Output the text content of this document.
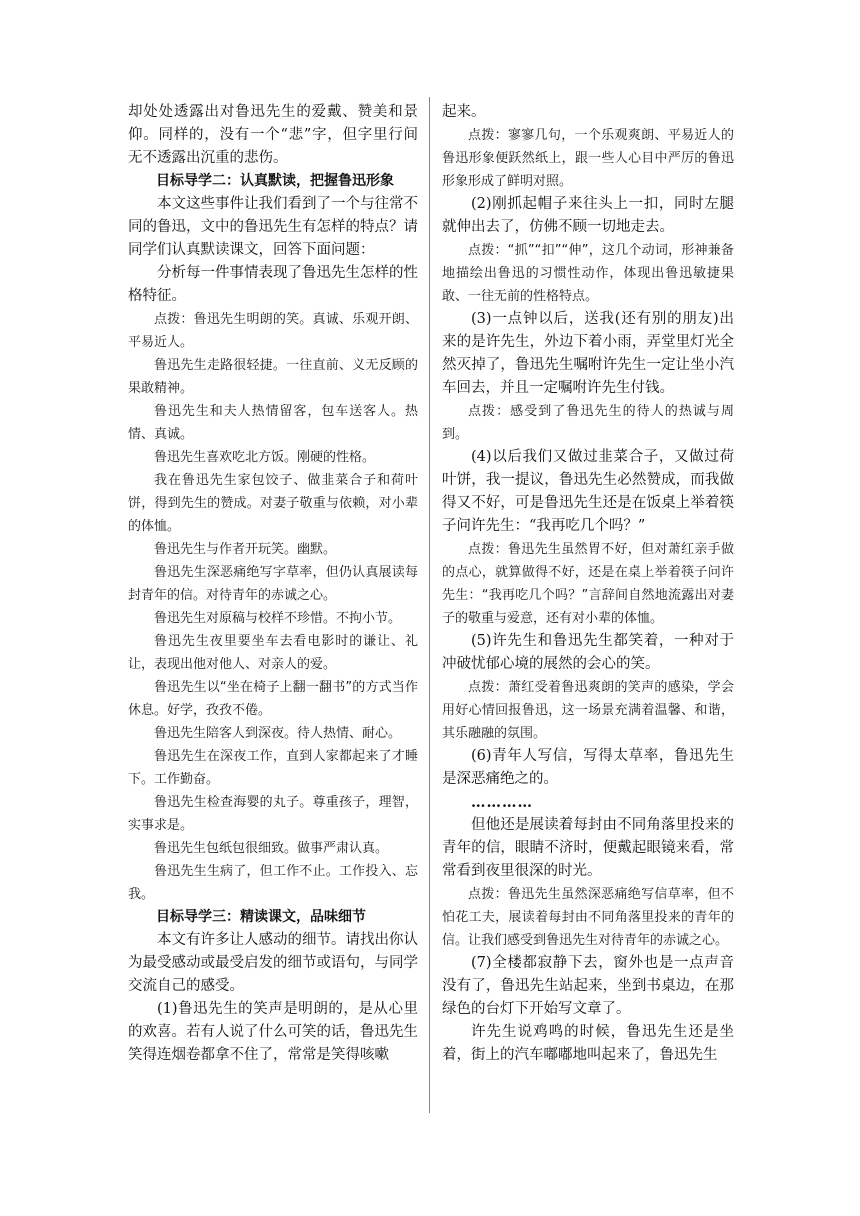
却处处透露出对鲁迅先生的爱戴、赞美和景仰。同样的，没有一个“悲”字，但字里行间无不透露出沉重的悲伤。

目标导学二：认真默读，把握鲁迅形象

本文这些事件让我们看到了一个与往常不同的鲁迅，文中的鲁迅先生有怎样的特点？请同学们认真默读课文，回答下面问题：

分析每一件事情表现了鲁迅先生怎样的性格特征。

点拨：鲁迅先生明朗的笑。真诚、乐观开朗、平易近人。

鲁迅先生走路很轻捷。一往直前、义无反顾的果敢精神。

鲁迅先生和夫人热情留客，包车送客人。热情、真诚。

鲁迅先生喜欢吃北方饭。刚硬的性格。

我在鲁迅先生家包饺子、做韭菜合子和荷叶饼，得到先生的赞成。对妻子敬重与依赖，对小辈的体恤。

鲁迅先生与作者开玩笑。幽默。

鲁迅先生深恶痛绝写字草率，但仍认真展读每封青年的信。对待青年的赤诚之心。

鲁迅先生对原稿与校样不珍惜。不拘小节。

鲁迅先生夜里要坐车去看电影时的谦让、礼让，表现出他对他人、对亲人的爱。

鲁迅先生以“坐在椅子上翻一翻书”的方式当作休息。好学，孜孜不倦。

鲁迅先生陪客人到深夜。待人热情、耐心。

鲁迅先生在深夜工作，直到人家都起来了才睡下。工作勤奋。

鲁迅先生检查海婴的丸子。尊重孩子，理智，实事求是。

鲁迅先生包纸包很细致。做事严肃认真。

鲁迅先生生病了，但工作不止。工作投入、忘我。

目标导学三：精读课文，品味细节

本文有许多让人感动的细节。请找出你认为最受感动或最受启发的细节或语句，与同学交流自己的感受。

(1)鲁迅先生的笑声是明朗的，是从心里的欢喜。若有人说了什么可笑的话，鲁迅先生笑得连烟卷都拿不住了，常常是笑得咳嗽

起来。

点拨：寥寥几句，一个乐观爽朗、平易近人的鲁迅形象便跃然纸上，跟一些人心目中严厉的鲁迅形象形成了鲜明对照。

(2)刚抓起帽子来往头上一扣，同时左腿就伸出去了，仿佛不顾一切地走去。

点拨：“抓”“扣”“伸”，这几个动词，形神兼备地描绘出鲁迅的习惯性动作，体现出鲁迅敏捷果敢、一往无前的性格特点。

(3)一点钟以后，送我(还有别的朋友)出来的是许先生，外边下着小雨，弄堂里灯光全然灭掉了，鲁迅先生嘱咐许先生一定让坐小汽车回去，并且一定嘱咐许先生付钱。

点拨：感受到了鲁迅先生的待人的热诚与周到。

(4)以后我们又做过韭菜合子，又做过荷叶饼，我一提议，鲁迅先生必然赞成，而我做得又不好，可是鲁迅先生还是在饭桌上举着筷子问许先生：“我再吃几个吗？”

点拨：鲁迅先生虽然胃不好，但对萧红亲手做的点心，就算做得不好，还是在桌上举着筷子问许先生：“我再吃几个吗？”言辞间自然地流露出对妻子的敬重与爱意，还有对小辈的体恤。

(5)许先生和鲁迅先生都笑着，一种对于冲破忧郁心境的展然的会心的笑。

点拨：萧红受着鲁迅爽朗的笑声的感染，学会用好心情回报鲁迅，这一场景充满着温馨、和谐，其乐融融的氛围。

(6)青年人写信，写得太草率，鲁迅先生是深恶痛绝之的。

…………

但他还是展读着每封由不同角落里投来的青年的信，眼睛不济时，便戴起眼镜来看，常常看到夜里很深的时光。

点拨：鲁迅先生虽然深恶痛绝写信草率，但不怕花工夫，展读着每封由不同角落里投来的青年的信。让我们感受到鲁迅先生对待青年的赤诚之心。

(7)全楼都寂静下去，窗外也是一点声音没有了，鲁迅先生站起来，坐到书桌边，在那绿色的台灯下开始写文章了。

许先生说鸡鸣的时候，鲁迅先生还是坐着，街上的汽车嘟嘟地叫起来了，鲁迅先生
